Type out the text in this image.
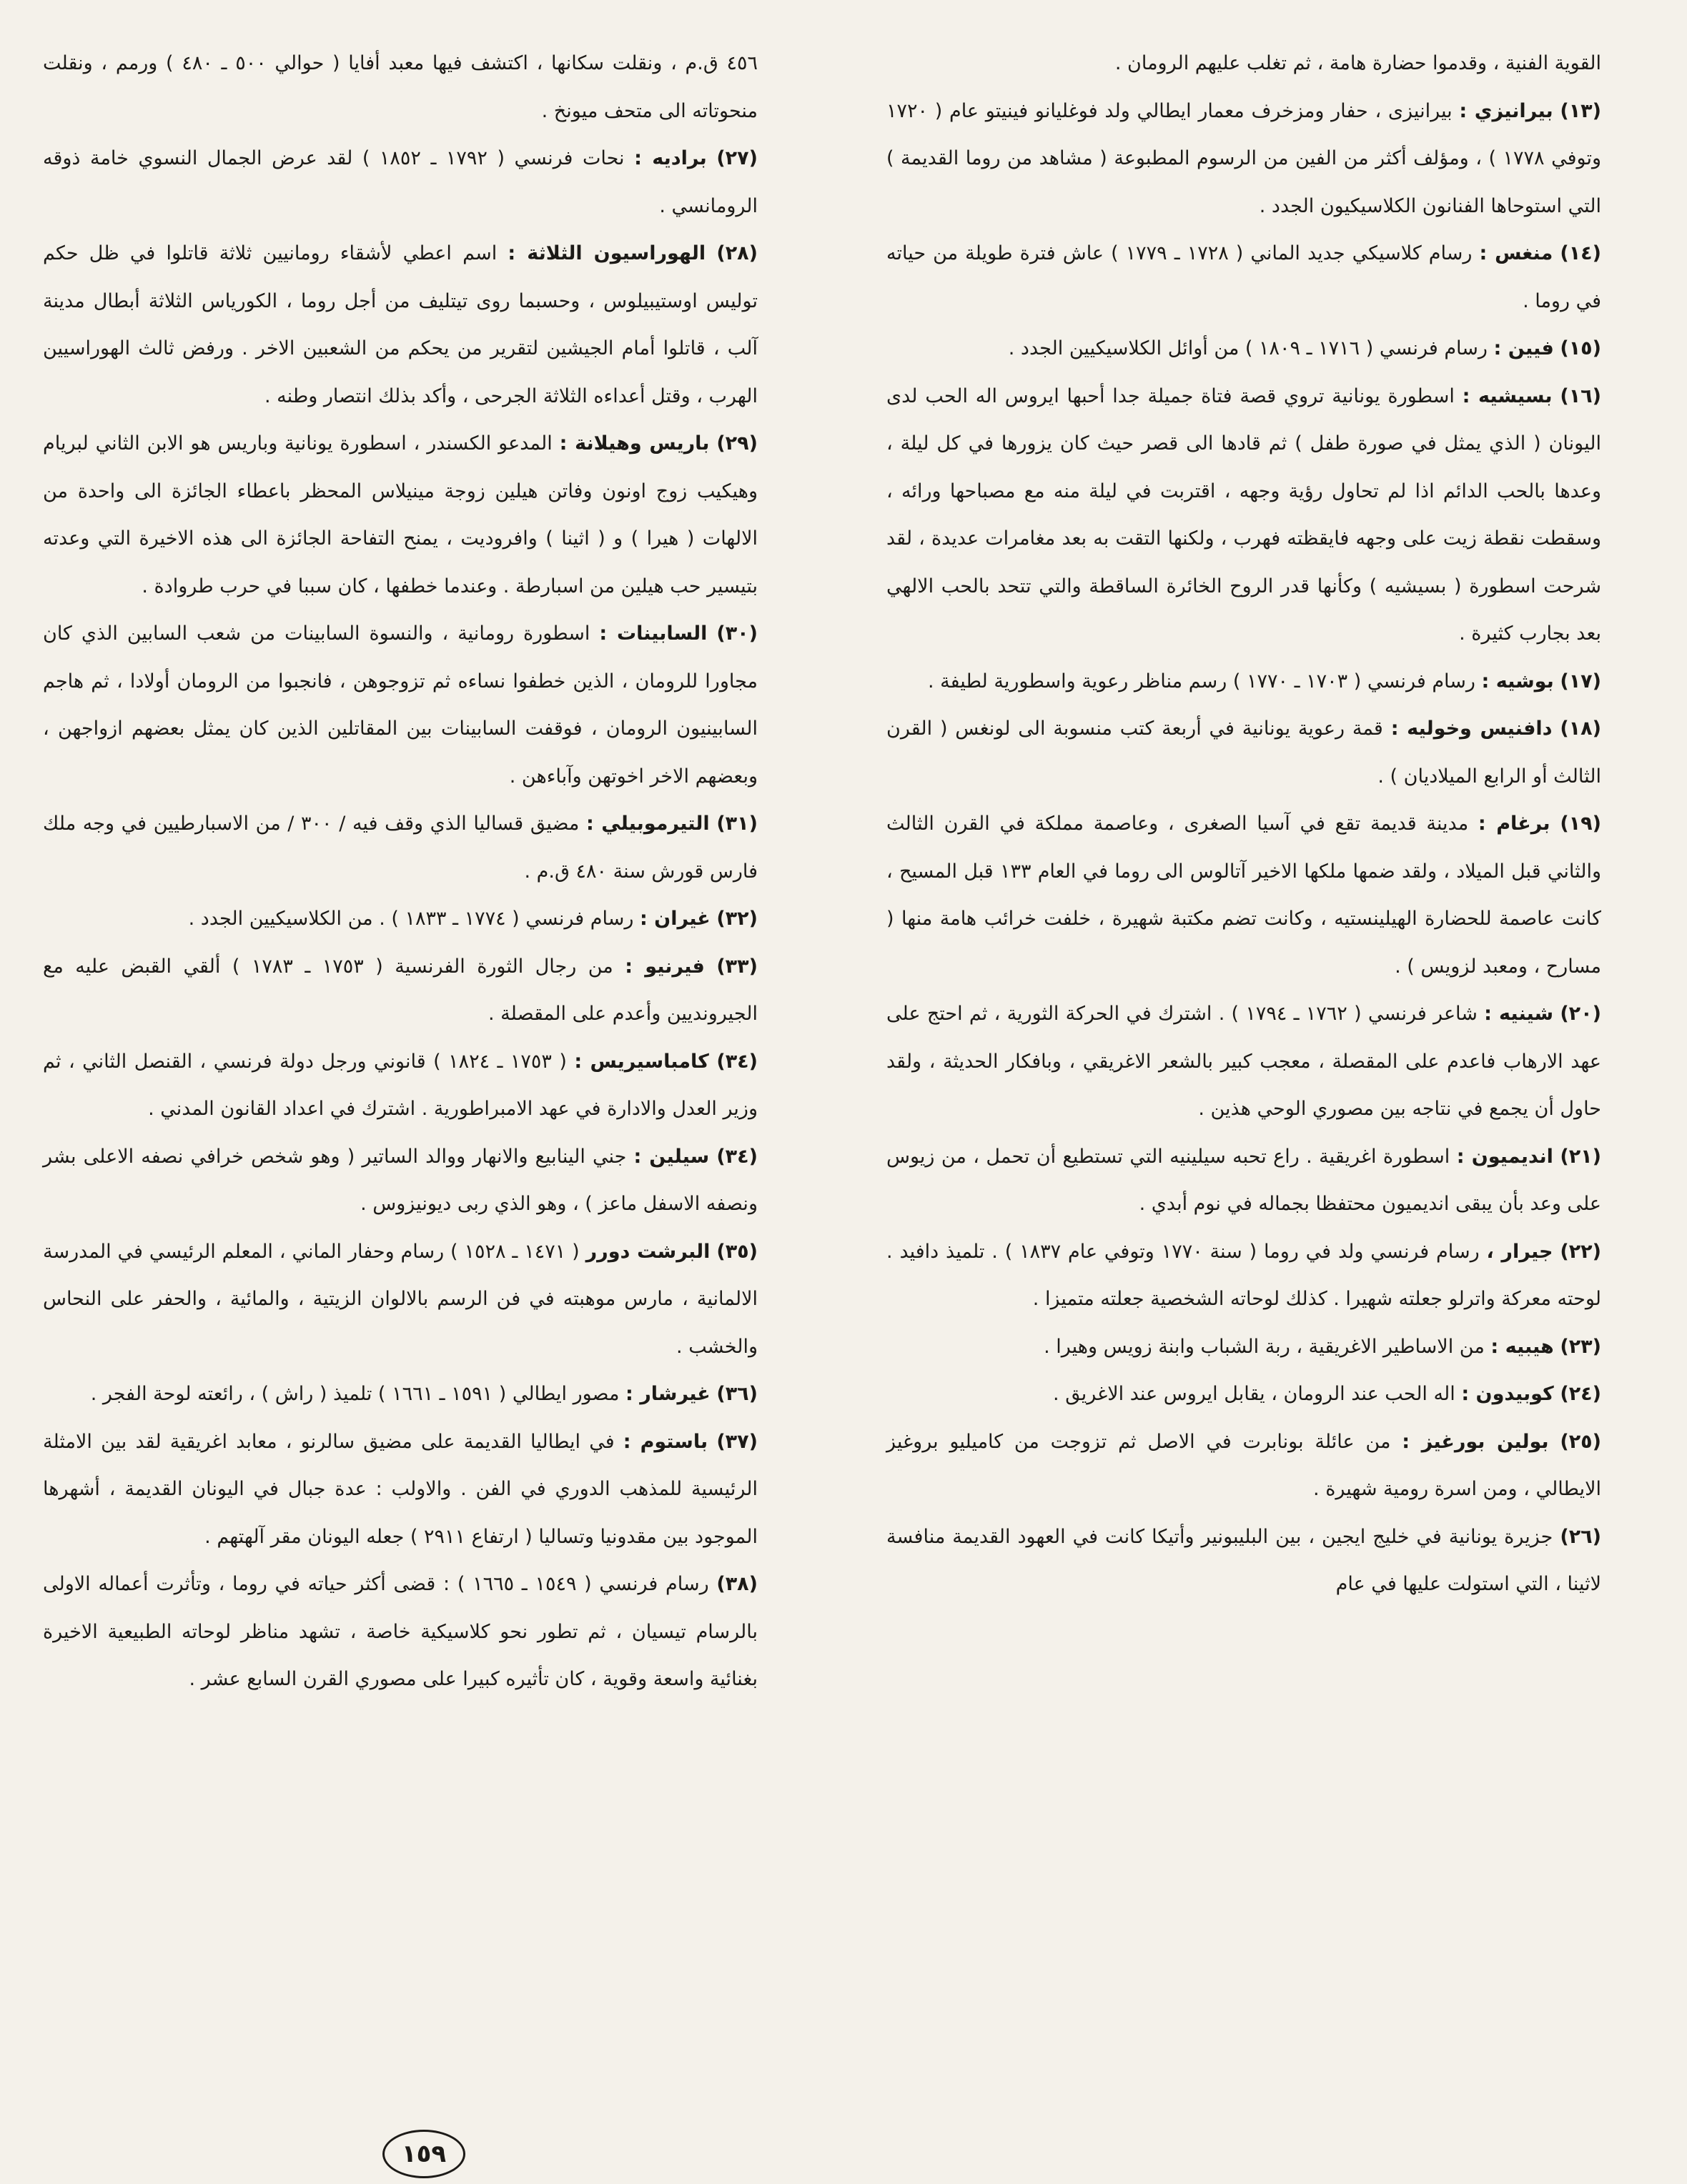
القوية الفنية ، وقدموا حضارة هامة ، ثم تغلب عليهم الرومان .

(١٣) بيرانيزي : بيرانيزى ، حفار ومزخرف معمار ايطالي ولد فوغليانو فينيتو عام ( ١٧٢٠ وتوفي ١٧٧٨ ) ، ومؤلف أكثر من الفين من الرسوم المطبوعة ( مشاهد من روما القديمة ) التي استوحاها الفنانون الكلاسيكيون الجدد .

(١٤) منغس : رسام كلاسيكي جديد الماني ( ١٧٢٨ ـ ١٧٧٩ ) عاش فترة طويلة من حياته في روما .

(١٥) فيين : رسام فرنسي ( ١٧١٦ ـ ١٨٠٩ ) من أوائل الكلاسيكيين الجدد .

(١٦) بسيشيه : اسطورة يونانية تروي قصة فتاة جميلة جدا أحبها ايروس اله الحب لدى اليونان ( الذي يمثل في صورة طفل ) ثم قادها الى قصر حيث كان يزورها في كل ليلة ، وعدها بالحب الدائم اذا لم تحاول رؤية وجهه ، اقتربت في ليلة منه مع مصباحها ورائه ، وسقطت نقطة زيت على وجهه فايقظته فهرب ، ولكنها التقت به بعد مغامرات عديدة ، لقد شرحت اسطورة ( بسيشيه ) وكأنها قدر الروح الخائرة الساقطة والتي تتحد بالحب الالهي بعد بجارب كثيرة .

(١٧) بوشيه : رسام فرنسي ( ١٧٠٣ ـ ١٧٧٠ ) رسم مناظر رعوية واسطورية لطيفة .

(١٨) دافنيس وخوليه : قمة رعوية يونانية في أربعة كتب منسوبة الى لونغس ( القرن الثالث أو الرابع الميلاديان ) .

(١٩) برغام : مدينة قديمة تقع في آسيا الصغرى ، وعاصمة مملكة في القرن الثالث والثاني قبل الميلاد ، ولقد ضمها ملكها الاخير آتالوس الى روما في العام ١٣٣ قبل المسيح ، كانت عاصمة للحضارة الهيلينستيه ، وكانت تضم مكتبة شهيرة ، خلفت خرائب هامة منها ( مسارح ، ومعبد لزويس ) .

(٢٠) شينيه : شاعر فرنسي ( ١٧٦٢ ـ ١٧٩٤ ) . اشترك في الحركة الثورية ، ثم احتج على عهد الارهاب فاعدم على المقصلة ، معجب كبير بالشعر الاغريقي ، وبافكار الحديثة ، ولقد حاول أن يجمع في نتاجه بين مصوري الوحي هذين .

(٢١) انديميون : اسطورة اغريقية . راع تحبه سيلينيه التي تستطيع أن تحمل ، من زيوس على وعد بأن يبقى انديميون محتفظا بجماله في نوم أبدي .

(٢٢) جيرار ، رسام فرنسي ولد في روما ( سنة ١٧٧٠ وتوفي عام ١٨٣٧ ) . تلميذ دافيد . لوحته معركة واترلو جعلته شهيرا . كذلك لوحاته الشخصية جعلته متميزا .

(٢٣) هيبيه : من الاساطير الاغريقية ، ربة الشباب وابنة زويس وهيرا .

(٢٤) كوبيدون : اله الحب عند الرومان ، يقابل ايروس عند الاغريق .

(٢٥) بولين بورغيز : من عائلة بونابرت في الاصل ثم تزوجت من كاميليو بروغيز الايطالي ، ومن اسرة رومية شهيرة .

(٢٦) جزيرة يونانية في خليج ايجين ، بين البليبونير وأتيكا كانت في العهود القديمة منافسة لاثينا ، التي استولت عليها في عام

٤٥٦ ق.م ، ونقلت سكانها ، اكتشف فيها معبد أفايا ( حوالي ٥٠٠ ـ ٤٨٠ ) ورمم ، ونقلت منحوتاته الى متحف ميونخ .

(٢٧) برادیه : نحات فرنسي ( ١٧٩٢ ـ ١٨٥٢ ) لقد عرض الجمال النسوي خامة ذوقه الرومانسي .

(٢٨) الهوراسيون الثلاثة : اسم اعطي لأشقاء رومانيين ثلاثة قاتلوا في ظل حكم توليس اوستيبيلوس ، وحسبما روى تيتليف من أجل روما ، الكورياس الثلاثة أبطال مدينة آلب ، قاتلوا أمام الجيشين لتقرير من يحكم من الشعبين الاخر . ورفض ثالث الهوراسيين الهرب ، وقتل أعداءه الثلاثة الجرحى ، وأكد بذلك انتصار وطنه .

(٢٩) باريس وهيلانة : المدعو الكسندر ، اسطورة يونانية وباريس هو الابن الثاني لبريام وهيكيب زوج اونون وفاتن هيلين زوجة مينيلاس المحظر باعطاء الجائزة الى واحدة من الالهات ( هيرا ) و ( اثينا ) وافروديت ، يمنح التفاحة الجائزة الى هذه الاخيرة التي وعدته بتيسير حب هيلين من اسبارطة . وعندما خطفها ، كان سببا في حرب طروادة .

(٣٠) السابينات : اسطورة رومانية ، والنسوة السابينات من شعب السابين الذي كان مجاورا للرومان ، الذين خطفوا نساءه ثم تزوجوهن ، فانجبوا من الرومان أولادا ، ثم هاجم السابينيون الرومان ، فوقفت السابينات بين المقاتلين الذين كان يمثل بعضهم ازواجهن ، وبعضهم الاخر اخوتهن وآباءهن .

(٣١) التيرموبيلي : مضيق قساليا الذي وقف فيه / ٣٠٠ / من الاسبارطيين في وجه ملك فارس قورش سنة ٤٨٠ ق.م .

(٣٢) غيران : رسام فرنسي ( ١٧٧٤ ـ ١٨٣٣ ) . من الكلاسيكيين الجدد .

(٣٣) فيرنيو : من رجال الثورة الفرنسية ( ١٧٥٣ ـ ١٧٨٣ ) ألقي القبض عليه مع الجيرونديين وأعدم على المقصلة .

(٣٤) كامباسيريس : ( ١٧٥٣ ـ ١٨٢٤ ) قانوني ورجل دولة فرنسي ، القنصل الثاني ، ثم وزير العدل والادارة في عهد الامبراطورية . اشترك في اعداد القانون المدني .

(٣٤) سيلين : جني الينابيع والانهار ووالد الساتير ( وهو شخص خرافي نصفه الاعلى بشر ونصفه الاسفل ماعز ) ، وهو الذي ربى ديونيزوس .

(٣٥) البرشت دورر ( ١٤٧١ ـ ١٥٢٨ ) رسام وحفار الماني ، المعلم الرئيسي في المدرسة الالمانية ، مارس موهبته في فن الرسم بالالوان الزيتية ، والمائية ، والحفر على النحاس والخشب .

(٣٦) غيرشار : مصور ايطالي ( ١٥٩١ ـ ١٦٦١ ) تلميذ ( راش ) ، رائعته لوحة الفجر .

(٣٧) باستوم : في ايطاليا القديمة على مضيق سالرنو ، معابد اغريقية لقد بين الامثلة الرئيسية للمذهب الدوري في الفن . والاولب : عدة جبال في اليونان القديمة ، أشهرها الموجود بين مقدونيا وتساليا ( ارتفاع ٢٩١١ ) جعله اليونان مقر آلهتهم .

(٣٨) رسام فرنسي ( ١٥٤٩ ـ ١٦٦٥ ) : قضى أكثر حياته في روما ، وتأثرت أعماله الاولى بالرسام تيسيان ، ثم تطور نحو كلاسيكية خاصة ، تشهد مناظر لوحاته الطبيعية الاخيرة بغنائية واسعة وقوية ، كان تأثيره كبيرا على مصوري القرن السابع عشر .

١٥٩
